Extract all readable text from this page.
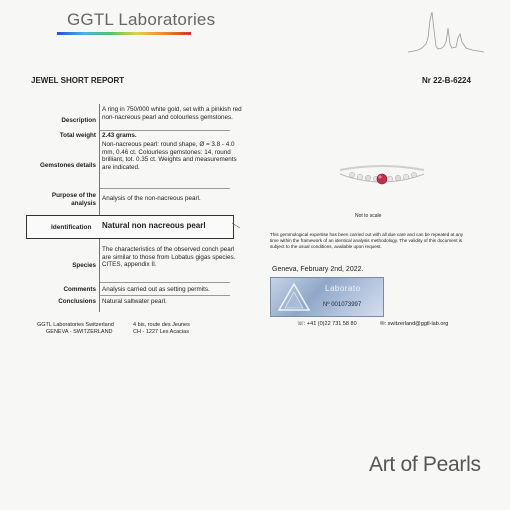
GGTL Laboratories
JEWEL SHORT REPORT	Nr 22-B-6224
Description
A ring in 750/000 white gold, set with a pinkish red non-nacreous pearl and colourless gemstones.
Total weight 2.43 grams.
Gemstones details
Non-nacreous pearl: round shape, Ø = 3.8 - 4.0 mm, 0.46 ct. Colourless gemstones: 14, round brilliant, tot. 0.35 ct. Weights and measurements are indicated.
Purpose of the analysis
Analysis of the non-nacreous pearl.
Identification Natural non nacreous pearl
Species
The characteristics of the observed conch pearl are similar to those from Lobatus gigas species. CITES, appendix II.
Comments Analysis carried out as setting permits.
Conclusions Natural saltwater pearl.
GGTL Laboratories Switzerland
GENEVA - SWITZERLAND
4 bis, route des Jeunes
CH - 1227 Les Acacias
Not to scale
This gemmological expertise has been carried out with all due care and can be repeated at any time within the framework of an identical analysis methodology. The validity of this document is subject to the usual conditions, available upon request.
Geneva, February 2nd, 2022.
Laborato
Nº 001073997
☏: +41 (0)22 731 58 80	✉: switzerland@ggtl-lab.org
Art of Pearls
